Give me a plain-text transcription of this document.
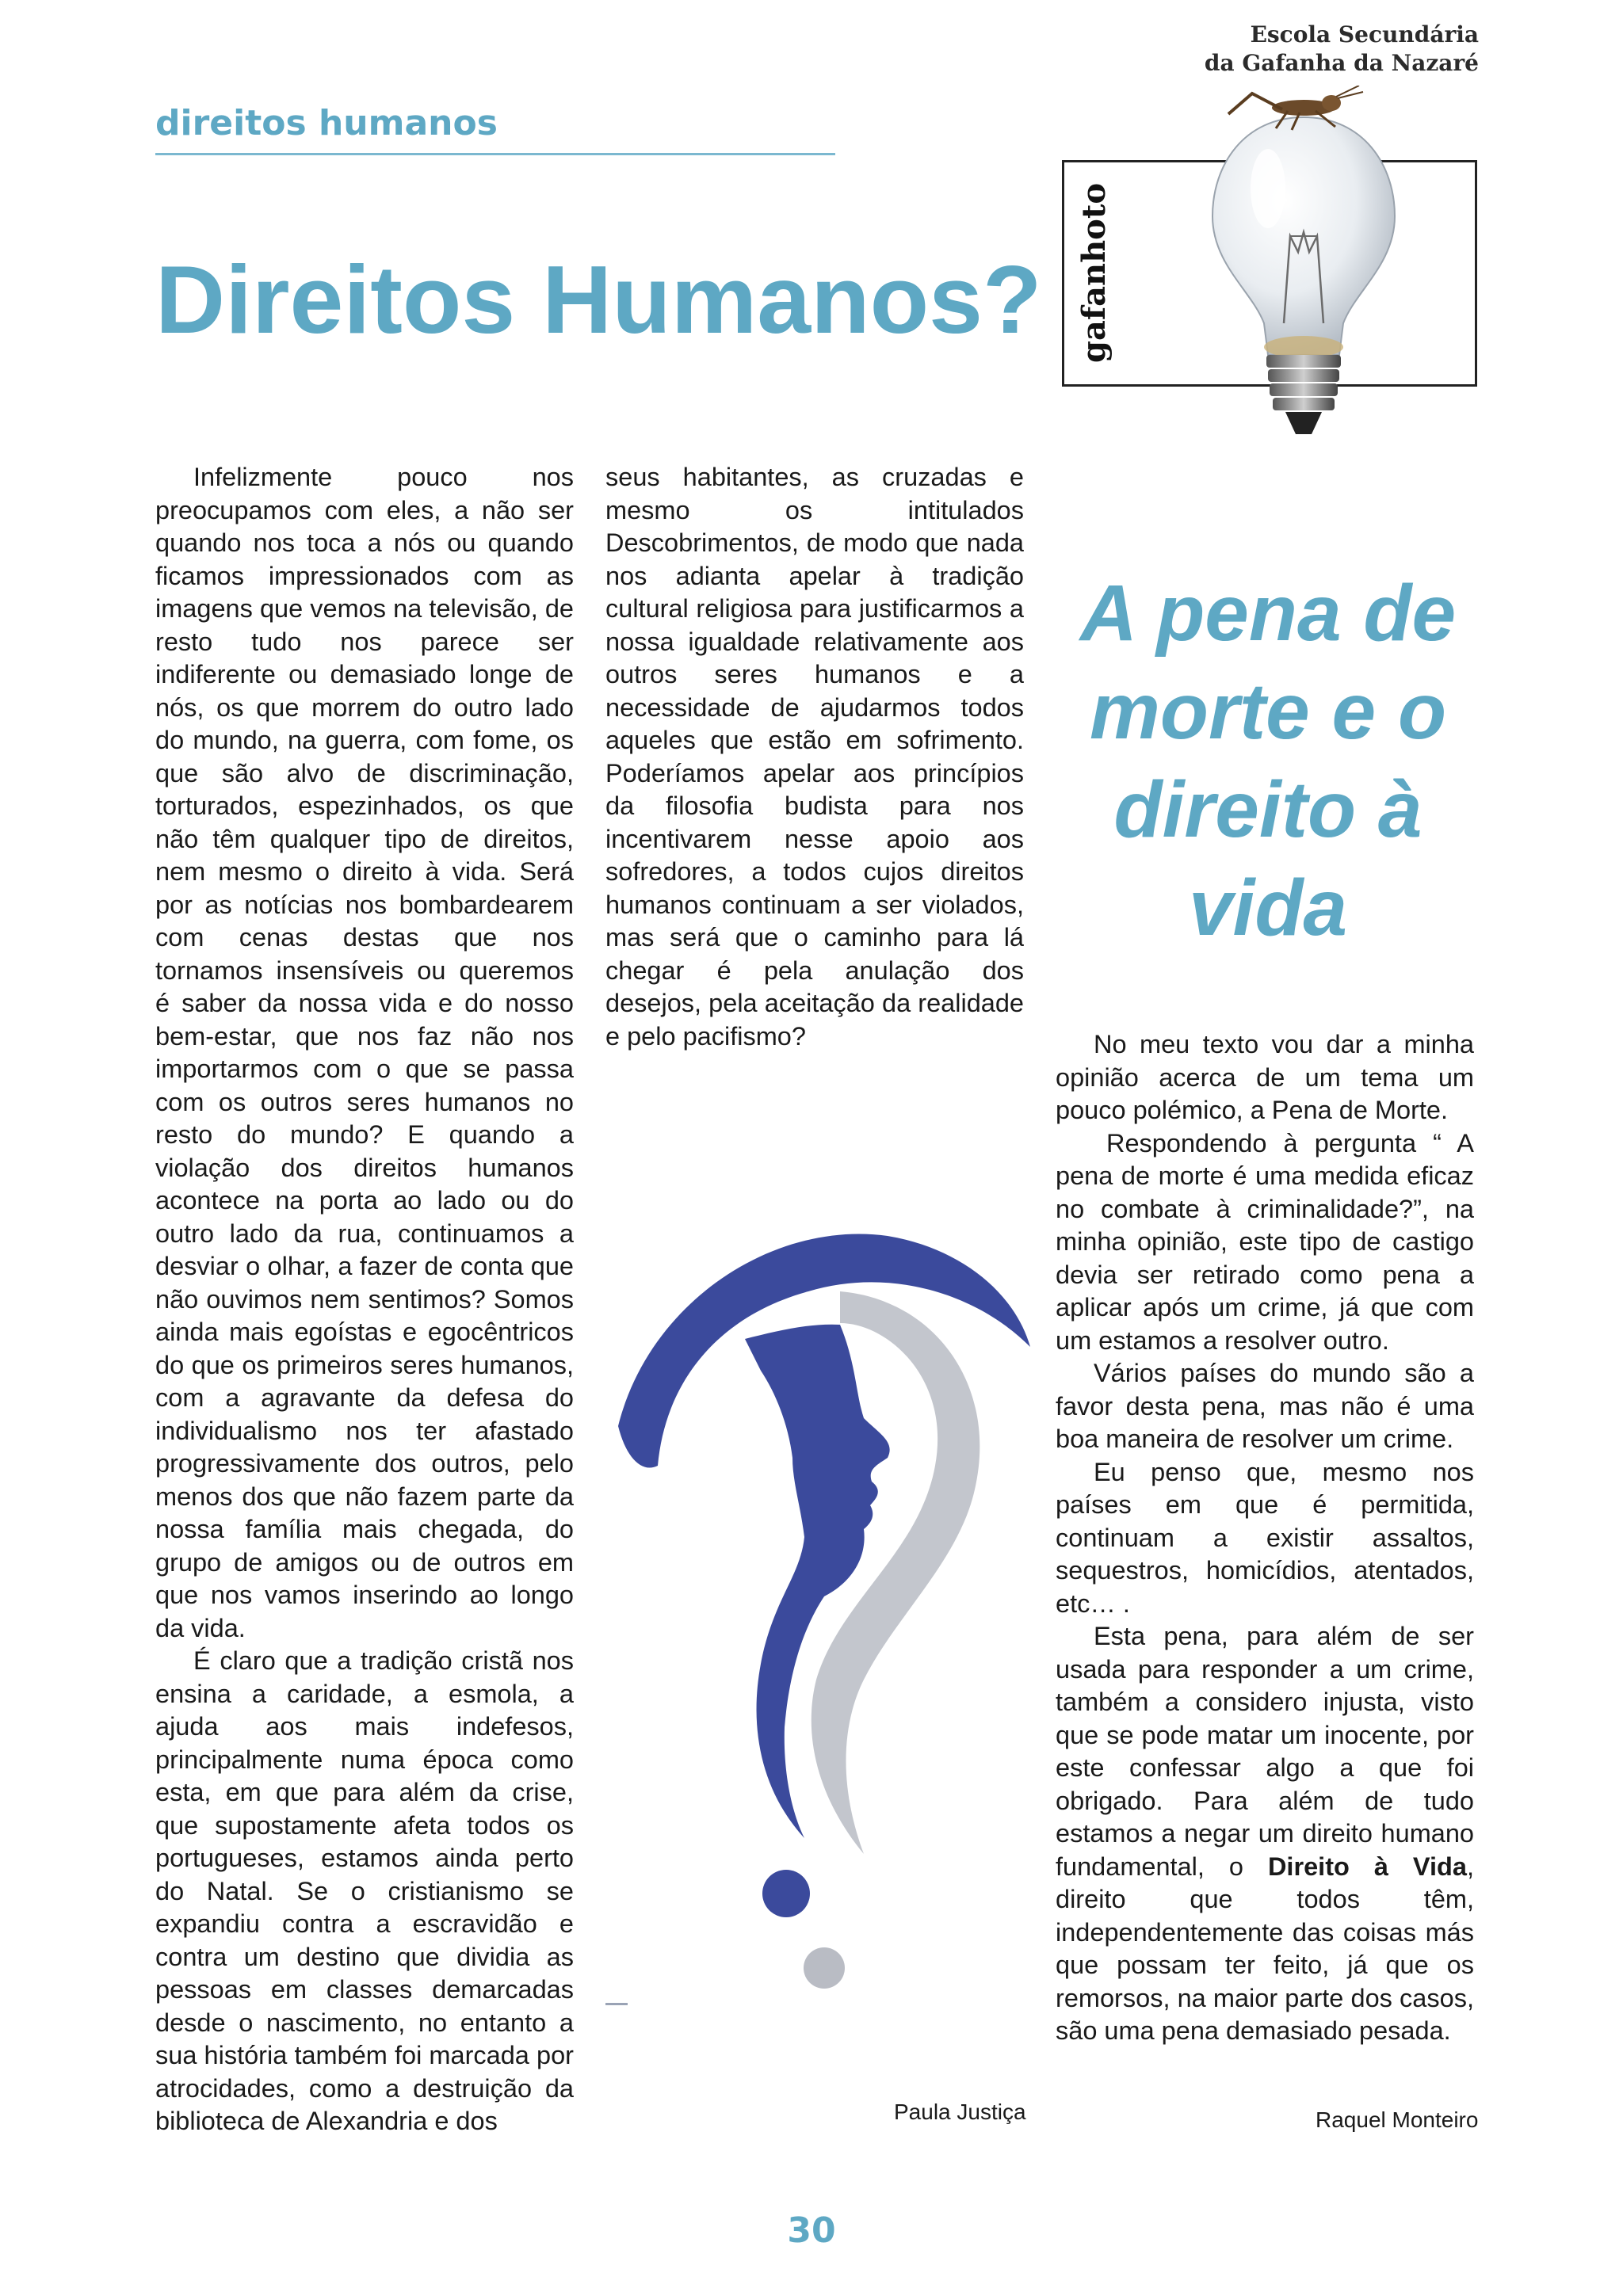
Escola Secundária
da Gafanha da Nazaré
direitos humanos
Direitos Humanos?	gafanhoto

Infelizmente pouco nos preocupamos com eles, a não ser quando nos toca a nós ou quando ficamos impressionados com as imagens que vemos na televisão, de resto tudo nos parece ser indiferente ou demasiado longe de nós, os que morrem do outro lado do mundo, na guerra, com fome, os que são alvo de discriminação, torturados, espezinhados, os que não têm qualquer tipo de direitos, nem mesmo o direito à vida. Será por as notícias nos bombardearem com cenas destas que nos tornamos insensíveis ou queremos é saber da nossa vida e do nosso bem-estar, que nos faz não nos importarmos com o que se passa com os outros seres humanos no resto do mundo? E quando a violação dos direitos humanos acontece na porta ao lado ou do outro lado da rua, continuamos a desviar o olhar, a fazer de conta que não ouvimos nem sentimos? Somos ainda mais egoístas e egocêntricos do que os primeiros seres humanos, com a agravante da defesa do individualismo nos ter afastado progressivamente dos outros, pelo menos dos que não fazem parte da nossa família mais chegada, do grupo de amigos ou de outros em que nos vamos inserindo ao longo da vida.

É claro que a tradição cristã nos ensina a caridade, a esmola, a ajuda aos mais indefesos, principalmente numa época como esta, em que para além da crise, que supostamente afeta todos os portugueses, estamos ainda perto do Natal. Se o cristianismo se expandiu contra a escravidão e contra um destino que dividia as pessoas em classes demarcadas desde o nascimento, no entanto a sua história também foi marcada por atrocidades, como a destruição da biblioteca de Alexandria e dos

seus habitantes, as cruzadas e mesmo os intitulados Descobrimentos, de modo que nada nos adianta apelar à tradição cultural religiosa para justificarmos a nossa igualdade relativamente aos outros seres humanos e a necessidade de ajudarmos todos aqueles que estão em sofrimento. Poderíamos apelar aos princípios da filosofia budista para nos incentivarem nesse apoio aos sofredores, a todos cujos direitos humanos continuam a ser violados, mas será que o caminho para lá chegar é pela anulação dos desejos, pela aceitação da realidade e pelo pacifismo?

A pena de
morte e o
direito à
vida

No meu texto vou dar a minha opinião acerca de um tema um pouco polémico, a Pena de Morte.

Respondendo à pergunta “ A pena de morte é uma medida eficaz no combate à criminalidade?”, na minha opinião, este tipo de castigo devia ser retirado como pena a aplicar após um crime, já que com um estamos a resolver outro.

Vários países do mundo são a favor desta pena, mas não é uma boa maneira de resolver um crime.

Eu penso que, mesmo nos países em que é permitida, continuam a existir assaltos, sequestros, homicídios, atentados, etc… .

Esta pena, para além de ser usada para responder a um crime, também a considero injusta, visto que se pode matar um inocente, por este confessar algo a que foi obrigado. Para além de tudo estamos a negar um direito humano fundamental, o Direito à Vida, direito que todos têm, independentemente das coisas más que possam ter feito, já que os remorsos, na maior parte dos casos, são uma pena demasiado pesada.

Paula Justiça	Raquel Monteiro
30
